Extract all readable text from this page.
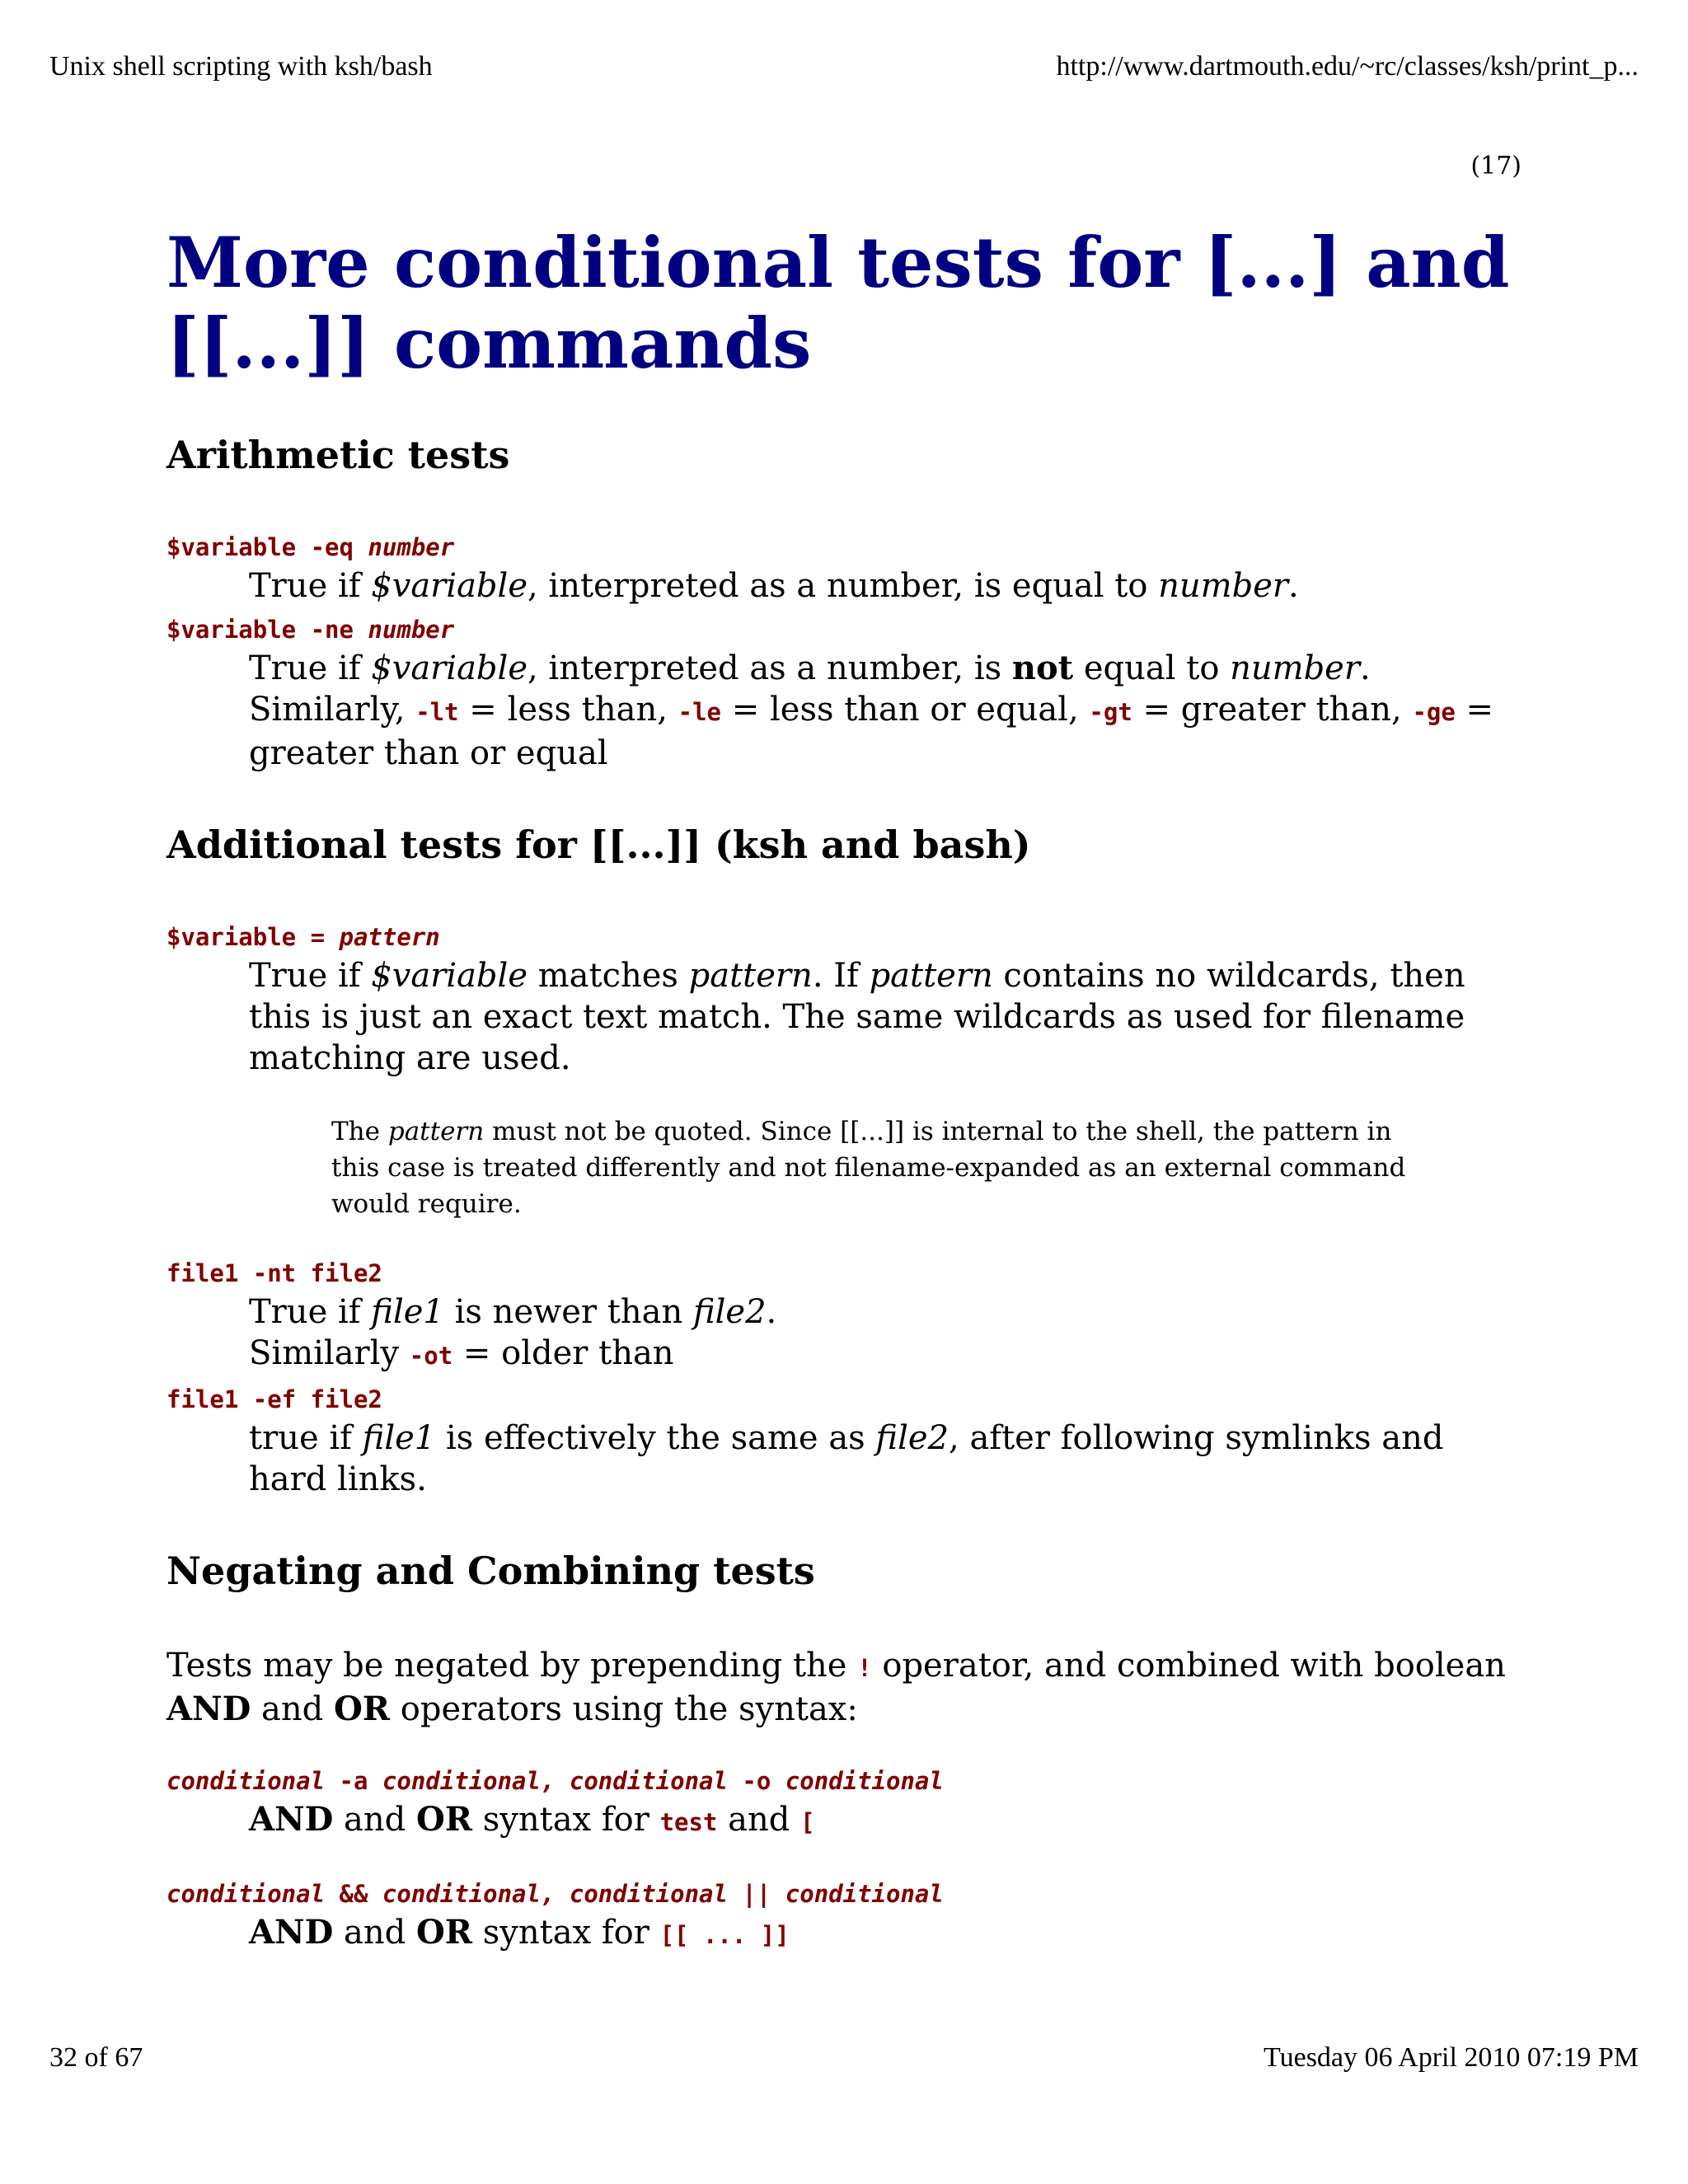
Unix shell scripting with ksh/bash	http://www.dartmouth.edu/~rc/classes/ksh/print_p...
(17)
More conditional tests for [...] and [[...]] commands
Arithmetic tests
$variable -eq number
True if $variable, interpreted as a number, is equal to number.
$variable -ne number
True if $variable, interpreted as a number, is not equal to number.
Similarly, -lt = less than, -le = less than or equal, -gt = greater than, -ge = greater than or equal
Additional tests for [[...]] (ksh and bash)
$variable = pattern
True if $variable matches pattern. If pattern contains no wildcards, then this is just an exact text match. The same wildcards as used for filename matching are used.
The pattern must not be quoted. Since [[...]] is internal to the shell, the pattern in this case is treated differently and not filename-expanded as an external command would require.
file1 -nt file2
True if file1 is newer than file2.
Similarly -ot = older than
file1 -ef file2
true if file1 is effectively the same as file2, after following symlinks and hard links.
Negating and Combining tests
Tests may be negated by prepending the ! operator, and combined with boolean AND and OR operators using the syntax:
conditional -a conditional, conditional -o conditional
AND and OR syntax for test and [
conditional && conditional, conditional || conditional
AND and OR syntax for [[ ... ]]
32 of 67	Tuesday 06 April 2010 07:19 PM
